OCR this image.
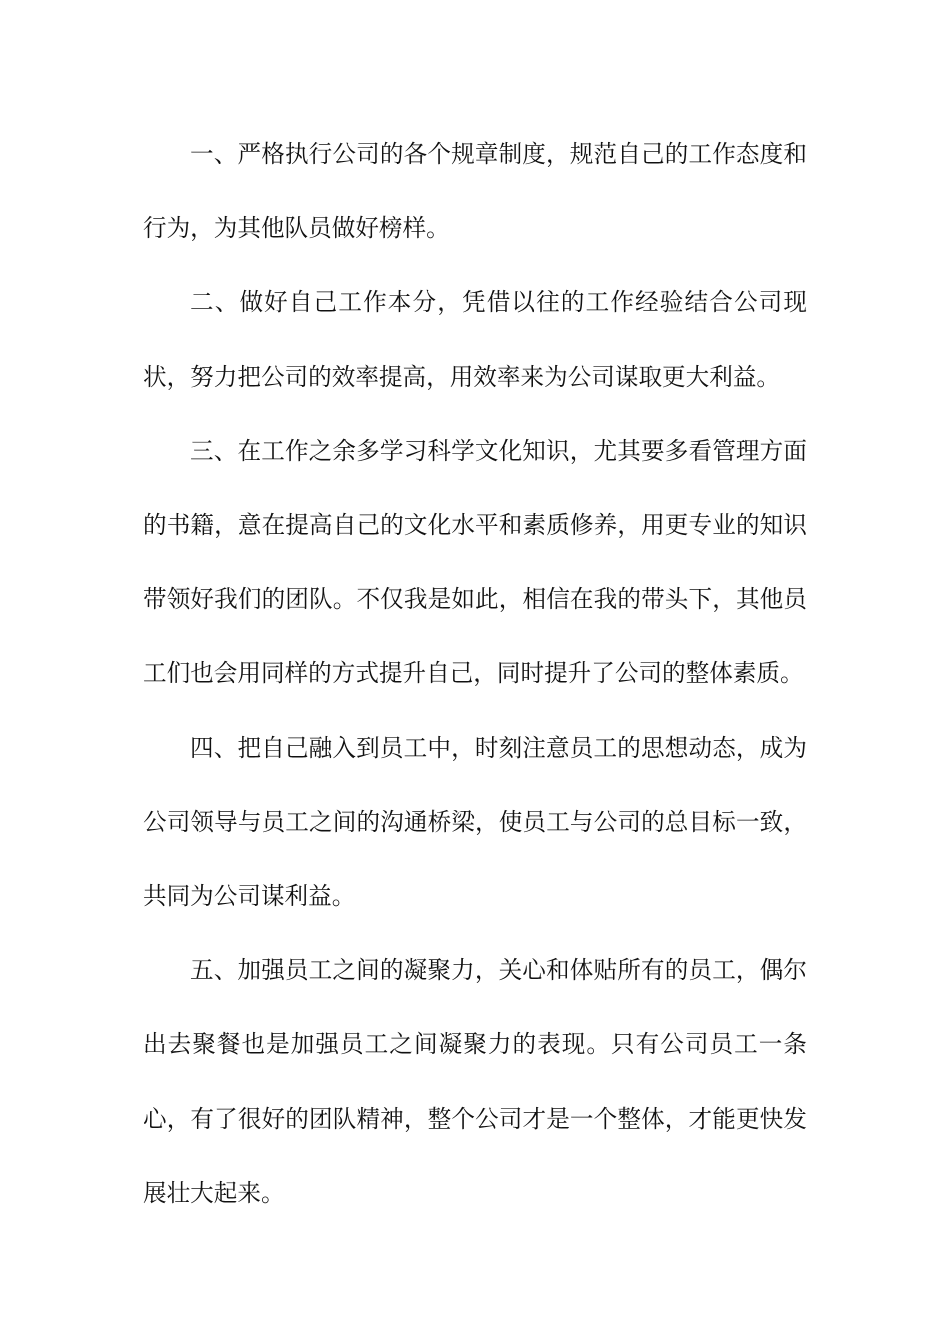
一、严格执行公司的各个规章制度，规范自己的工作态度和行为，为其他队员做好榜样。

二、做好自己工作本分，凭借以往的工作经验结合公司现状，努力把公司的效率提高，用效率来为公司谋取更大利益。

三、在工作之余多学习科学文化知识，尤其要多看管理方面的书籍，意在提高自己的文化水平和素质修养，用更专业的知识带领好我们的团队。不仅我是如此，相信在我的带头下，其他员工们也会用同样的方式提升自己，同时提升了公司的整体素质。

四、把自己融入到员工中，时刻注意员工的思想动态，成为公司领导与员工之间的沟通桥梁，使员工与公司的总目标一致，共同为公司谋利益。

五、加强员工之间的凝聚力，关心和体贴所有的员工，偶尔出去聚餐也是加强员工之间凝聚力的表现。只有公司员工一条心，有了很好的团队精神，整个公司才是一个整体，才能更快发展壮大起来。
